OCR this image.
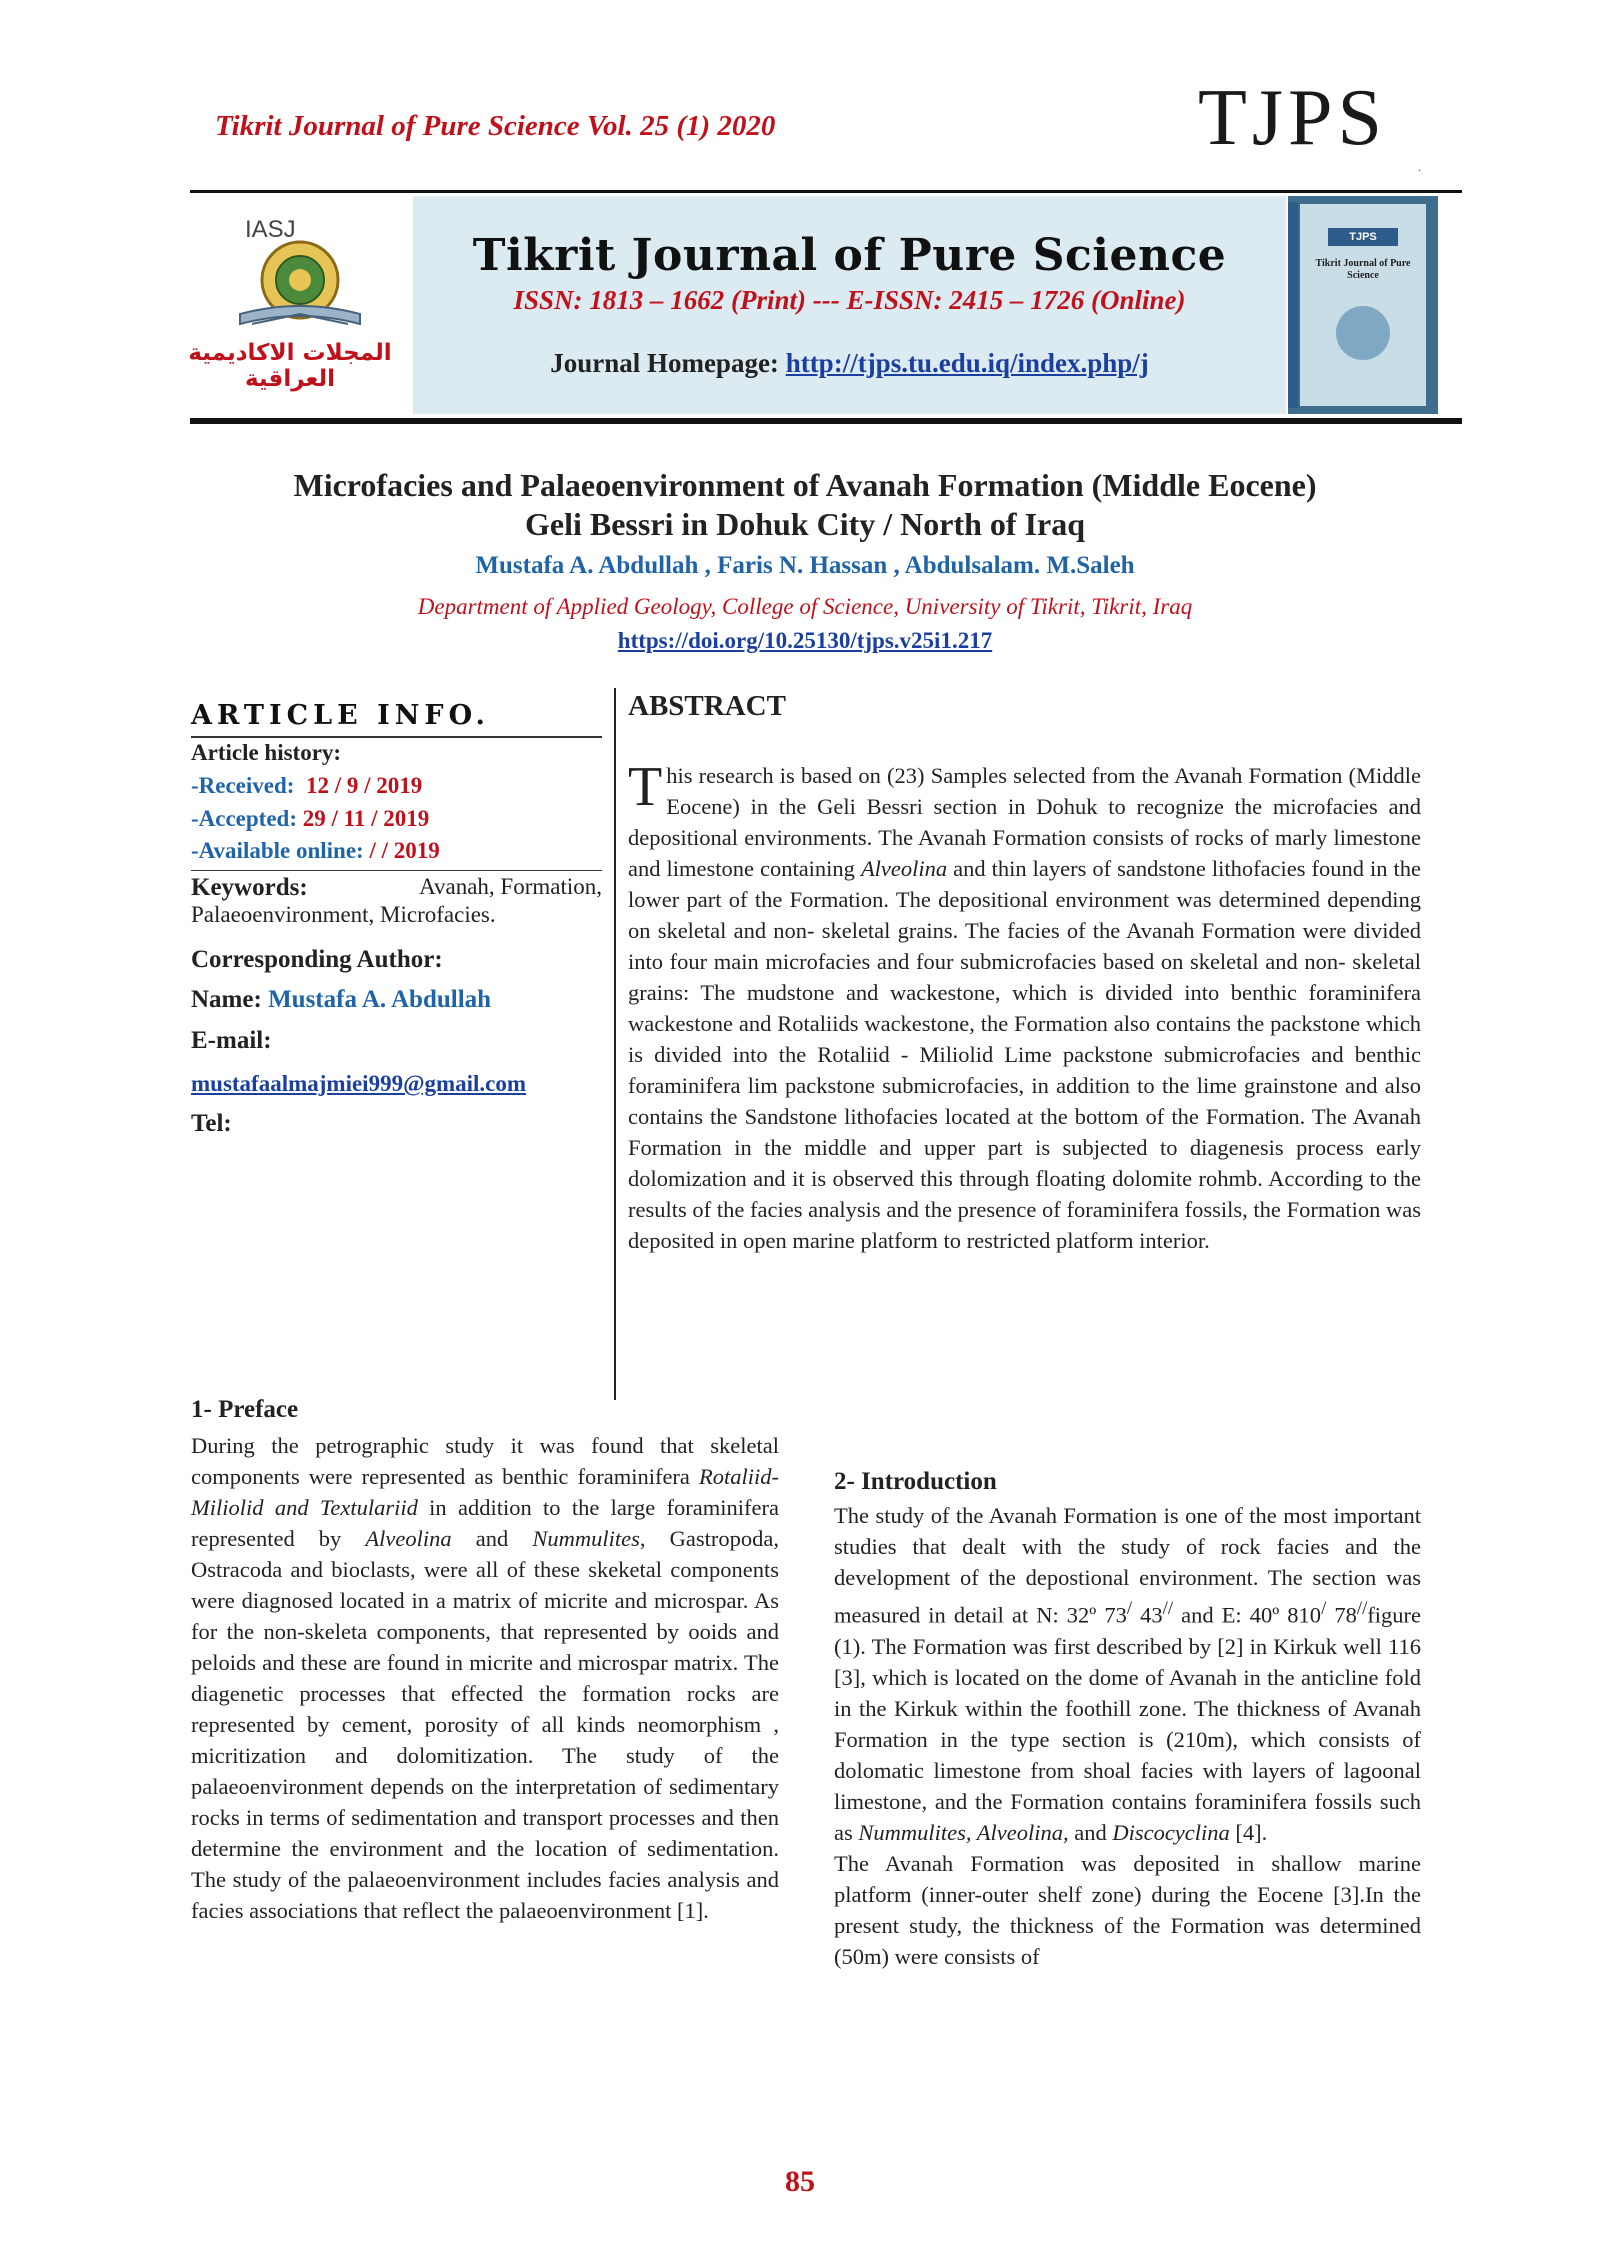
Tikrit Journal of Pure Science Vol. 25 (1) 2020	TJPS
.
IASJ
المجلات الاكاديمية العراقية
Tikrit Journal of Pure Science
ISSN: 1813 – 1662 (Print) --- E-ISSN: 2415 – 1726 (Online)
Journal Homepage: http://tjps.tu.edu.iq/index.php/j
TJPS
Tikrit Journal of Pure Science
Microfacies and Palaeoenvironment of Avanah Formation (Middle Eocene)
Geli Bessri in Dohuk City / North of Iraq
Mustafa A. Abdullah , Faris N. Hassan , Abdulsalam. M.Saleh
Department of Applied Geology, College of Science, University of Tikrit, Tikrit, Iraq
https://doi.org/10.25130/tjps.v25i1.217
ARTICLE INFO.
Article history:
-Received: 12 / 9 / 2019
-Accepted: 29 / 11 / 2019
-Available online: / / 2019
Keywords:	Avanah, Formation,
Palaeoenvironment, Microfacies.
Corresponding Author:
Name: Mustafa A. Abdullah
E-mail:
mustafaalmajmiei999@gmail.com
Tel:
ABSTRACT
This research is based on (23) Samples selected from the Avanah Formation (Middle Eocene) in the Geli Bessri section in Dohuk to recognize the microfacies and depositional environments. The Avanah Formation consists of rocks of marly limestone and limestone containing Alveolina and thin layers of sandstone lithofacies found in the lower part of the Formation. The depositional environment was determined depending on skeletal and non- skeletal grains. The facies of the Avanah Formation were divided into four main microfacies and four submicrofacies based on skeletal and non- skeletal grains: The mudstone and wackestone, which is divided into benthic foraminifera wackestone and Rotaliids wackestone, the Formation also contains the packstone which is divided into the Rotaliid - Miliolid Lime packstone submicrofacies and benthic foraminifera lim packstone submicrofacies, in addition to the lime grainstone and also contains the Sandstone lithofacies located at the bottom of the Formation. The Avanah Formation in the middle and upper part is subjected to diagenesis process early dolomization and it is observed this through floating dolomite rohmb. According to the results of the facies analysis and the presence of foraminifera fossils, the Formation was deposited in open marine platform to restricted platform interior.
1- Preface
During the petrographic study it was found that skeletal components were represented as benthic foraminifera Rotaliid-Miliolid and Textulariid in addition to the large foraminifera represented by Alveolina and Nummulites, Gastropoda, Ostracoda and bioclasts, were all of these skeketal components were diagnosed located in a matrix of micrite and microspar. As for the non-skeleta components, that represented by ooids and peloids and these are found in micrite and microspar matrix. The diagenetic processes that effected the formation rocks are represented by cement, porosity of all kinds neomorphism , micritization and dolomitization. The study of the palaeoenvironment depends on the interpretation of sedimentary rocks in terms of sedimentation and transport processes and then determine the environment and the location of sedimentation. The study of the palaeoenvironment includes facies analysis and facies associations that reflect the palaeoenvironment [1].
2- Introduction
The study of the Avanah Formation is one of the most important studies that dealt with the study of rock facies and the development of the depostional environment. The section was measured in detail at N: 32º 73/ 43// and E: 40º 810/ 78//figure (1). The Formation was first described by [2] in Kirkuk well 116 [3], which is located on the dome of Avanah in the anticline fold in the Kirkuk within the foothill zone. The thickness of Avanah Formation in the type section is (210m), which consists of dolomatic limestone from shoal facies with layers of lagoonal limestone, and the Formation contains foraminifera fossils such as Nummulites, Alveolina, and Discocyclina [4].
The Avanah Formation was deposited in shallow marine platform (inner-outer shelf zone) during the Eocene [3].In the present study, the thickness of the Formation was determined (50m) were consists of
85
